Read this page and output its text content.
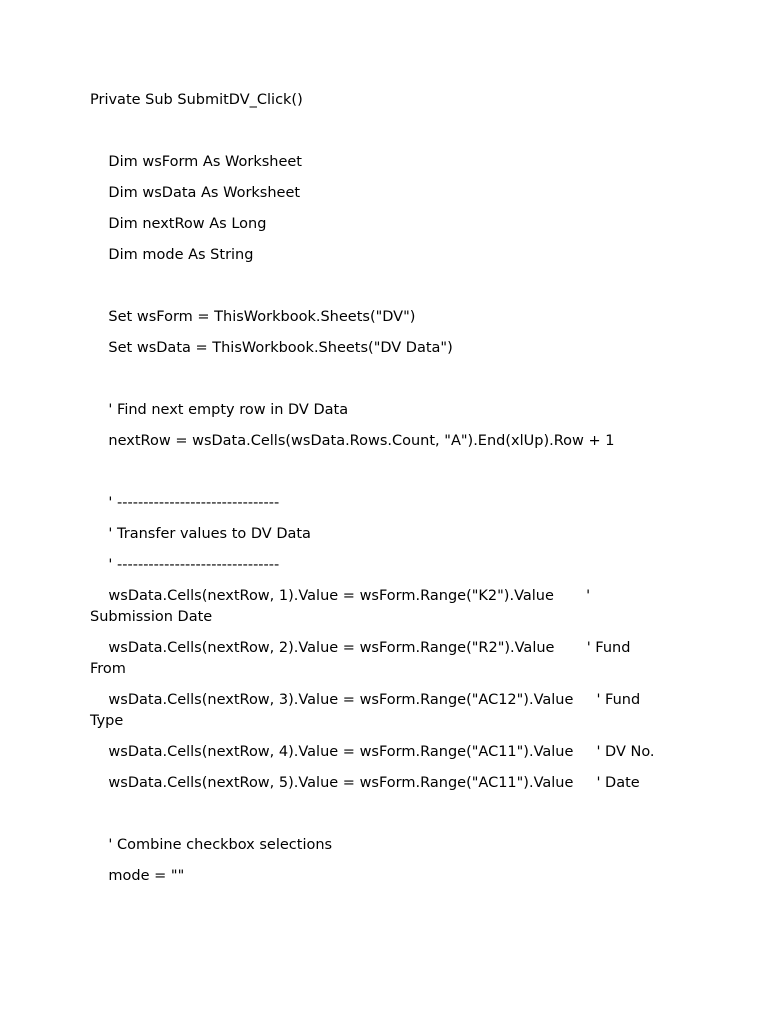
Private Sub SubmitDV_Click()

Dim wsForm As Worksheet

Dim wsData As Worksheet

Dim nextRow As Long

Dim mode As String

Set wsForm = ThisWorkbook.Sheets("DV")

Set wsData = ThisWorkbook.Sheets("DV Data")

' Find next empty row in DV Data

nextRow = wsData.Cells(wsData.Rows.Count, "A").End(xlUp).Row + 1

' -------------------------------

' Transfer values to DV Data

' -------------------------------

wsData.Cells(nextRow, 1).Value = wsForm.Range("K2").Value       '
Submission Date

wsData.Cells(nextRow, 2).Value = wsForm.Range("R2").Value       ' Fund
From

wsData.Cells(nextRow, 3).Value = wsForm.Range("AC12").Value     ' Fund
Type

wsData.Cells(nextRow, 4).Value = wsForm.Range("AC11").Value     ' DV No.

wsData.Cells(nextRow, 5).Value = wsForm.Range("AC11").Value     ' Date

' Combine checkbox selections

mode = ""
